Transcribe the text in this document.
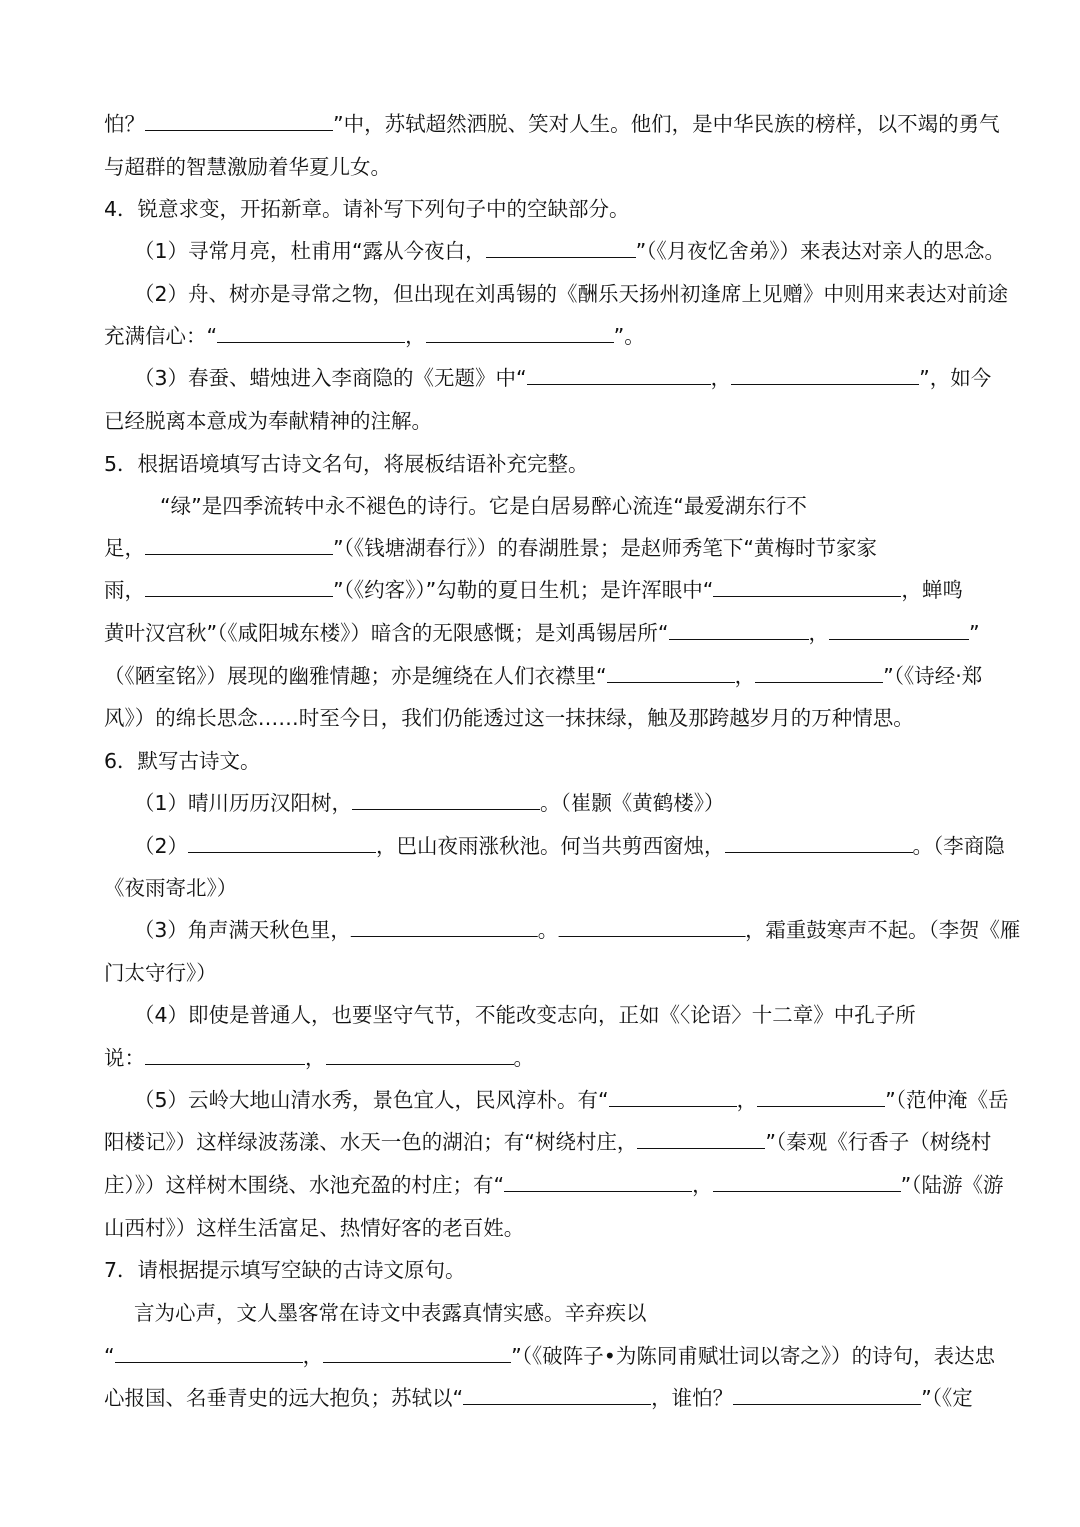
怕？	”中，苏轼超然洒脱、笑对人生。他们，是中华民族的榜样，以不竭的勇气
与超群的智慧激励着华夏儿女。
4．锐意求变，开拓新章。请补写下列句子中的空缺部分。
（1）寻常月亮，杜甫用“露从今夜白，	”（《月夜忆舍弟》）来表达对亲人的思念。
（2）舟、树亦是寻常之物，但出现在刘禹锡的《酬乐天扬州初逢席上见赠》中则用来表达对前途
充满信心：“	，	”。
（3）春蚕、蜡烛进入李商隐的《无题》中“	，	”，如今
已经脱离本意成为奉献精神的注解。
5．根据语境填写古诗文名句，将展板结语补充完整。
“绿”是四季流转中永不褪色的诗行。它是白居易醉心流连“最爱湖东行不
足，	”（《钱塘湖春行》）的春湖胜景；是赵师秀笔下“黄梅时节家家
雨，	”（《约客》）”勾勒的夏日生机；是许浑眼中“	，蝉鸣
黄叶汉宫秋”（《咸阳城东楼》）暗含的无限感慨；是刘禹锡居所“	，	”
（《陋室铭》）展现的幽雅情趣；亦是缠绕在人们衣襟里“	，	”（《诗经·郑
风》）的绵长思念……时至今日，我们仍能透过这一抹抹绿，触及那跨越岁月的万种情思。
6．默写古诗文。
（1）晴川历历汉阳树，	。（崔颢《黄鹤楼》）
（2）	，巴山夜雨涨秋池。何当共剪西窗烛，	。（李商隐
《夜雨寄北》）
（3）角声满天秋色里，	。	，霜重鼓寒声不起。（李贺《雁
门太守行》）
（4）即使是普通人，也要坚守气节，不能改变志向，正如《〈论语〉十二章》中孔子所
说：	，	。
（5）云岭大地山清水秀，景色宜人，民风淳朴。有“	，	”（范仲淹《岳
阳楼记》）这样绿波荡漾、水天一色的湖泊；有“树绕村庄，	”（秦观《行香子（树绕村
庄）》）这样树木围绕、水池充盈的村庄；有“	，	”（陆游《游
山西村》）这样生活富足、热情好客的老百姓。
7．请根据提示填写空缺的古诗文原句。
言为心声，文人墨客常在诗文中表露真情实感。辛弃疾以
“	，	”（《破阵子•为陈同甫赋壮词以寄之》）的诗句，表达忠
心报国、名垂青史的远大抱负；苏轼以“	，谁怕？	”（《定
